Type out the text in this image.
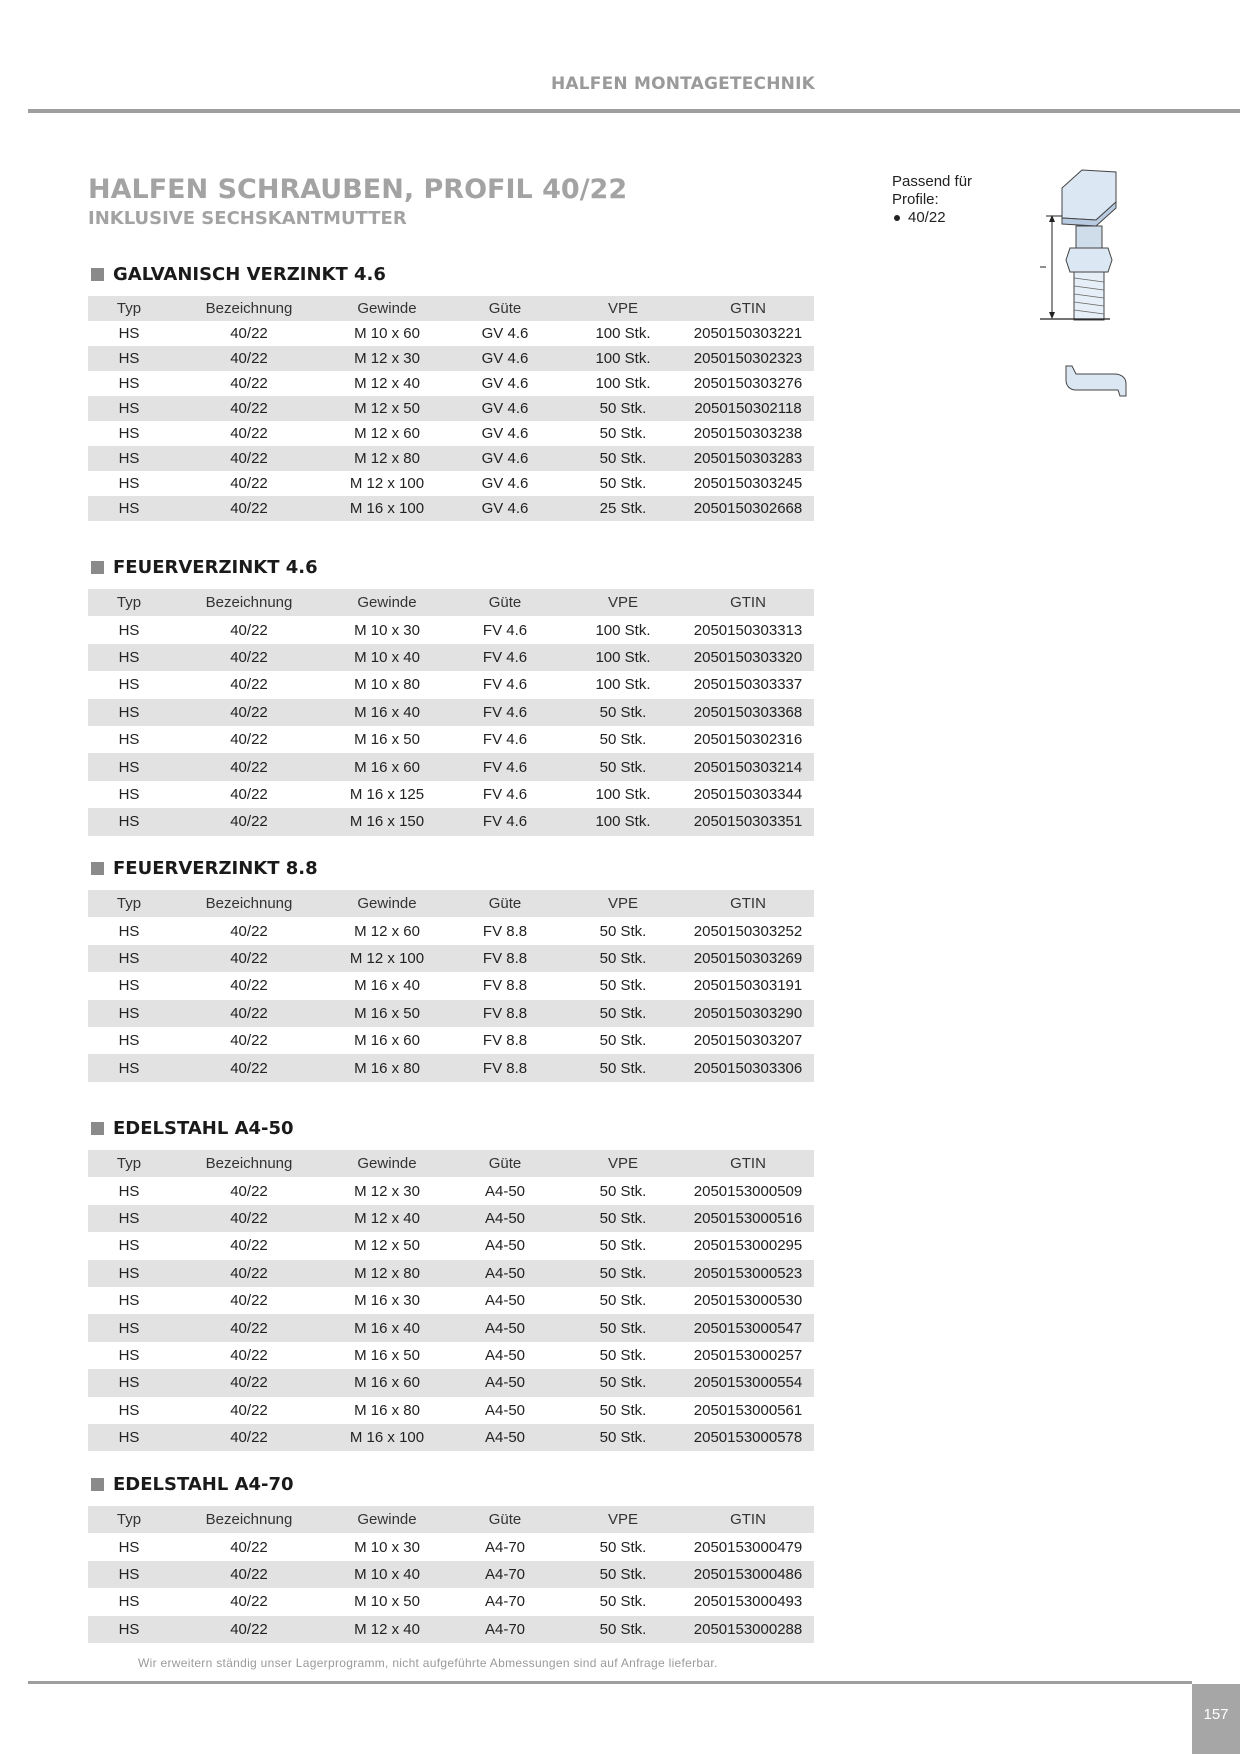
HALFEN MONTAGETECHNIK
HALFEN SCHRAUBEN, PROFIL 40/22
INKLUSIVE SECHSKANTMUTTER
Passend für
Profile:
40/22
GALVANISCH VERZINKT 4.6
Typ	Bezeichnung	Gewinde	Güte	VPE	GTIN
HS	40/22	M 10 x 60	GV 4.6	100 Stk.	2050150303221
HS	40/22	M 12 x 30	GV 4.6	100 Stk.	2050150302323
HS	40/22	M 12 x 40	GV 4.6	100 Stk.	2050150303276
HS	40/22	M 12 x 50	GV 4.6	50 Stk.	2050150302118
HS	40/22	M 12 x 60	GV 4.6	50 Stk.	2050150303238
HS	40/22	M 12 x 80	GV 4.6	50 Stk.	2050150303283
HS	40/22	M 12 x 100	GV 4.6	50 Stk.	2050150303245
HS	40/22	M 16 x 100	GV 4.6	25 Stk.	2050150302668
FEUERVERZINKT 4.6
Typ	Bezeichnung	Gewinde	Güte	VPE	GTIN
HS	40/22	M 10 x 30	FV 4.6	100 Stk.	2050150303313
HS	40/22	M 10 x 40	FV 4.6	100 Stk.	2050150303320
HS	40/22	M 10 x 80	FV 4.6	100 Stk.	2050150303337
HS	40/22	M 16 x 40	FV 4.6	50 Stk.	2050150303368
HS	40/22	M 16 x 50	FV 4.6	50 Stk.	2050150302316
HS	40/22	M 16 x 60	FV 4.6	50 Stk.	2050150303214
HS	40/22	M 16 x 125	FV 4.6	100 Stk.	2050150303344
HS	40/22	M 16 x 150	FV 4.6	100 Stk.	2050150303351
FEUERVERZINKT 8.8
Typ	Bezeichnung	Gewinde	Güte	VPE	GTIN
HS	40/22	M 12 x 60	FV 8.8	50 Stk.	2050150303252
HS	40/22	M 12 x 100	FV 8.8	50 Stk.	2050150303269
HS	40/22	M 16 x 40	FV 8.8	50 Stk.	2050150303191
HS	40/22	M 16 x 50	FV 8.8	50 Stk.	2050150303290
HS	40/22	M 16 x 60	FV 8.8	50 Stk.	2050150303207
HS	40/22	M 16 x 80	FV 8.8	50 Stk.	2050150303306
EDELSTAHL A4-50
Typ	Bezeichnung	Gewinde	Güte	VPE	GTIN
HS	40/22	M 12 x 30	A4-50	50 Stk.	2050153000509
HS	40/22	M 12 x 40	A4-50	50 Stk.	2050153000516
HS	40/22	M 12 x 50	A4-50	50 Stk.	2050153000295
HS	40/22	M 12 x 80	A4-50	50 Stk.	2050153000523
HS	40/22	M 16 x 30	A4-50	50 Stk.	2050153000530
HS	40/22	M 16 x 40	A4-50	50 Stk.	2050153000547
HS	40/22	M 16 x 50	A4-50	50 Stk.	2050153000257
HS	40/22	M 16 x 60	A4-50	50 Stk.	2050153000554
HS	40/22	M 16 x 80	A4-50	50 Stk.	2050153000561
HS	40/22	M 16 x 100	A4-50	50 Stk.	2050153000578
EDELSTAHL A4-70
Typ	Bezeichnung	Gewinde	Güte	VPE	GTIN
HS	40/22	M 10 x 30	A4-70	50 Stk.	2050153000479
HS	40/22	M 10 x 40	A4-70	50 Stk.	2050153000486
HS	40/22	M 10 x 50	A4-70	50 Stk.	2050153000493
HS	40/22	M 12 x 40	A4-70	50 Stk.	2050153000288
Wir erweitern ständig unser Lagerprogramm, nicht aufgeführte Abmessungen sind auf Anfrage lieferbar.
157
